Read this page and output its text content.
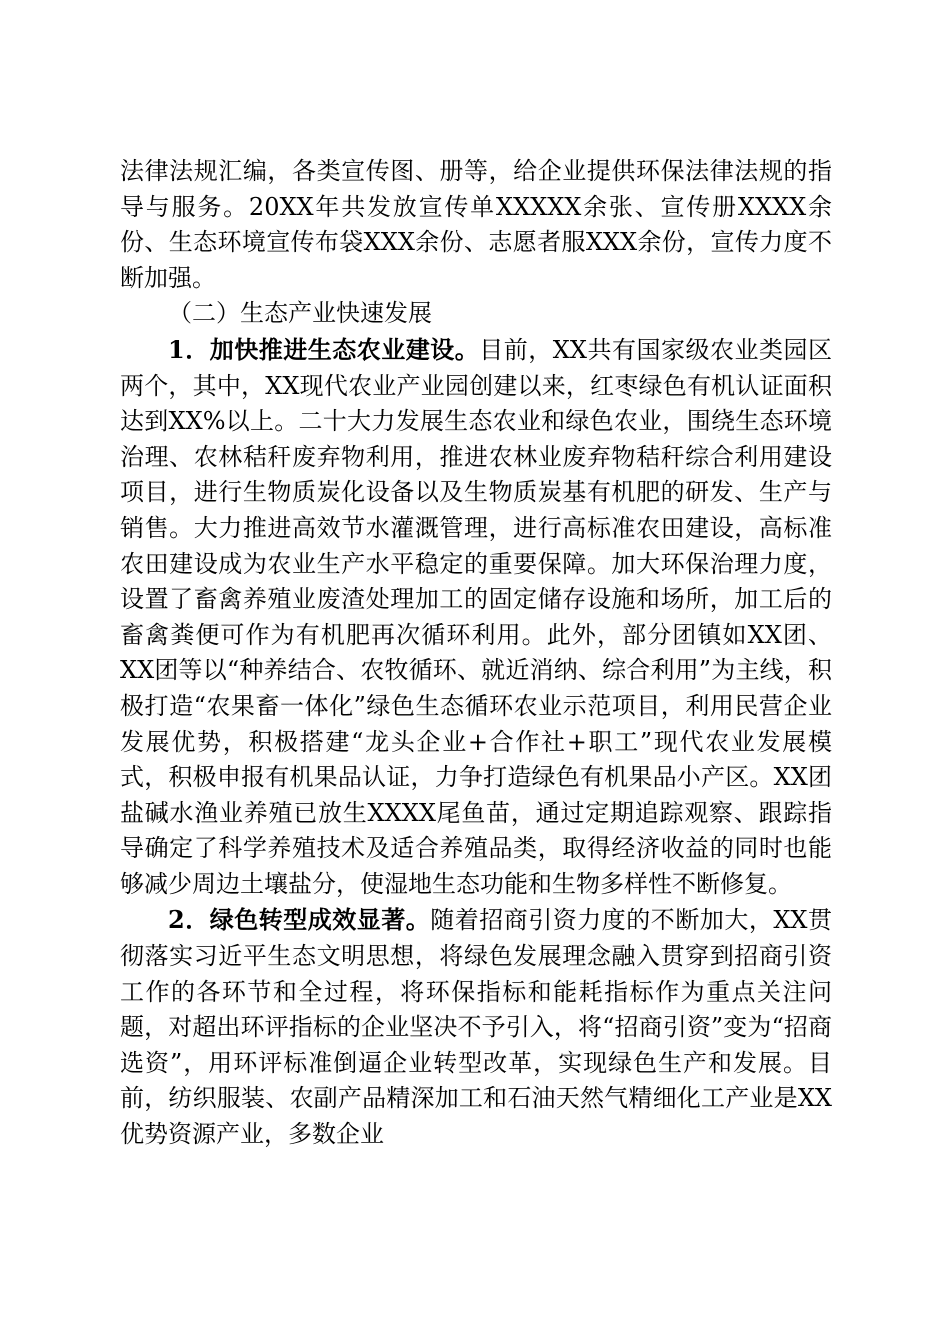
法律法规汇编，各类宣传图、册等，给企业提供环保法律法规的指导与服务。20XX年共发放宣传单XXXXX余张、宣传册XXXX余份、生态环境宣传布袋XXX余份、志愿者服XXX余份，宣传力度不断加强。

（二）生态产业快速发展

1．加快推进生态农业建设。目前，XX共有国家级农业类园区两个，其中，XX现代农业产业园创建以来，红枣绿色有机认证面积达到XX%以上。二十大力发展生态农业和绿色农业，围绕生态环境治理、农林秸秆废弃物利用，推进农林业废弃物秸秆综合利用建设项目，进行生物质炭化设备以及生物质炭基有机肥的研发、生产与销售。大力推进高效节水灌溉管理，进行高标准农田建设，高标准农田建设成为农业生产水平稳定的重要保障。加大环保治理力度，设置了畜禽养殖业废渣处理加工的固定储存设施和场所，加工后的畜禽粪便可作为有机肥再次循环利用。此外，部分团镇如XX团、XX团等以“种养结合、农牧循环、就近消纳、综合利用”为主线，积极打造“农果畜一体化”绿色生态循环农业示范项目，利用民营企业发展优势，积极搭建“龙头企业+合作社+职工”现代农业发展模式，积极申报有机果品认证，力争打造绿色有机果品小产区。XX团盐碱水渔业养殖已放生XXXX尾鱼苗，通过定期追踪观察、跟踪指导确定了科学养殖技术及适合养殖品类，取得经济收益的同时也能够减少周边土壤盐分，使湿地生态功能和生物多样性不断修复。

2．绿色转型成效显著。随着招商引资力度的不断加大，XX贯彻落实习近平生态文明思想，将绿色发展理念融入贯穿到招商引资工作的各环节和全过程，将环保指标和能耗指标作为重点关注问题，对超出环评指标的企业坚决不予引入，将“招商引资”变为“招商选资”，用环评标准倒逼企业转型改革，实现绿色生产和发展。目前，纺织服装、农副产品精深加工和石油天然气精细化工产业是XX优势资源产业，多数企业
